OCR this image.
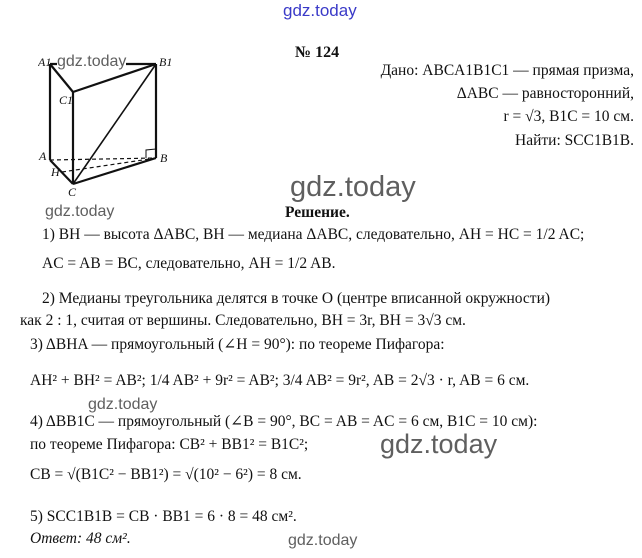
gdz.today
A1	B1
C1
A	B
H
C
gdz.today
№ 124
Дано: ABCA1B1C1 — прямая призма,
ΔABC — равносторонний,
r = √3, B1C = 10 см.
Найти: SCC1B1B.
gdz.today
gdz.today	Решение.
1) BH — высота ΔABC, BH — медиана ΔABC, следовательно, AH = HC = 1/2 AC;
AC = AB = BC, следовательно, AH = 1/2 AB.
2) Медианы треугольника делятся в точке O (центре вписанной окружности)
как 2 : 1, считая от вершины. Следовательно, BH = 3r, BH = 3√3 см.
3) ΔBHA — прямоугольный (∠H = 90°): по теореме Пифагора:
AH² + BH² = AB²; 1/4 AB² + 9r² = AB²; 3/4 AB² = 9r², AB = 2√3 · r, AB = 6 см.
gdz.today
4) ΔBB1C — прямоугольный (∠B = 90°, BC = AB = AC = 6 см, B1C = 10 см):
по теореме Пифагора: CB² + BB1² = B1C²;	gdz.today
CB = √(B1C² − BB1²) = √(10² − 6²) = 8 см.
5) SCC1B1B = CB · BB1 = 6 · 8 = 48 см².
Ответ: 48 см².	gdz.today
